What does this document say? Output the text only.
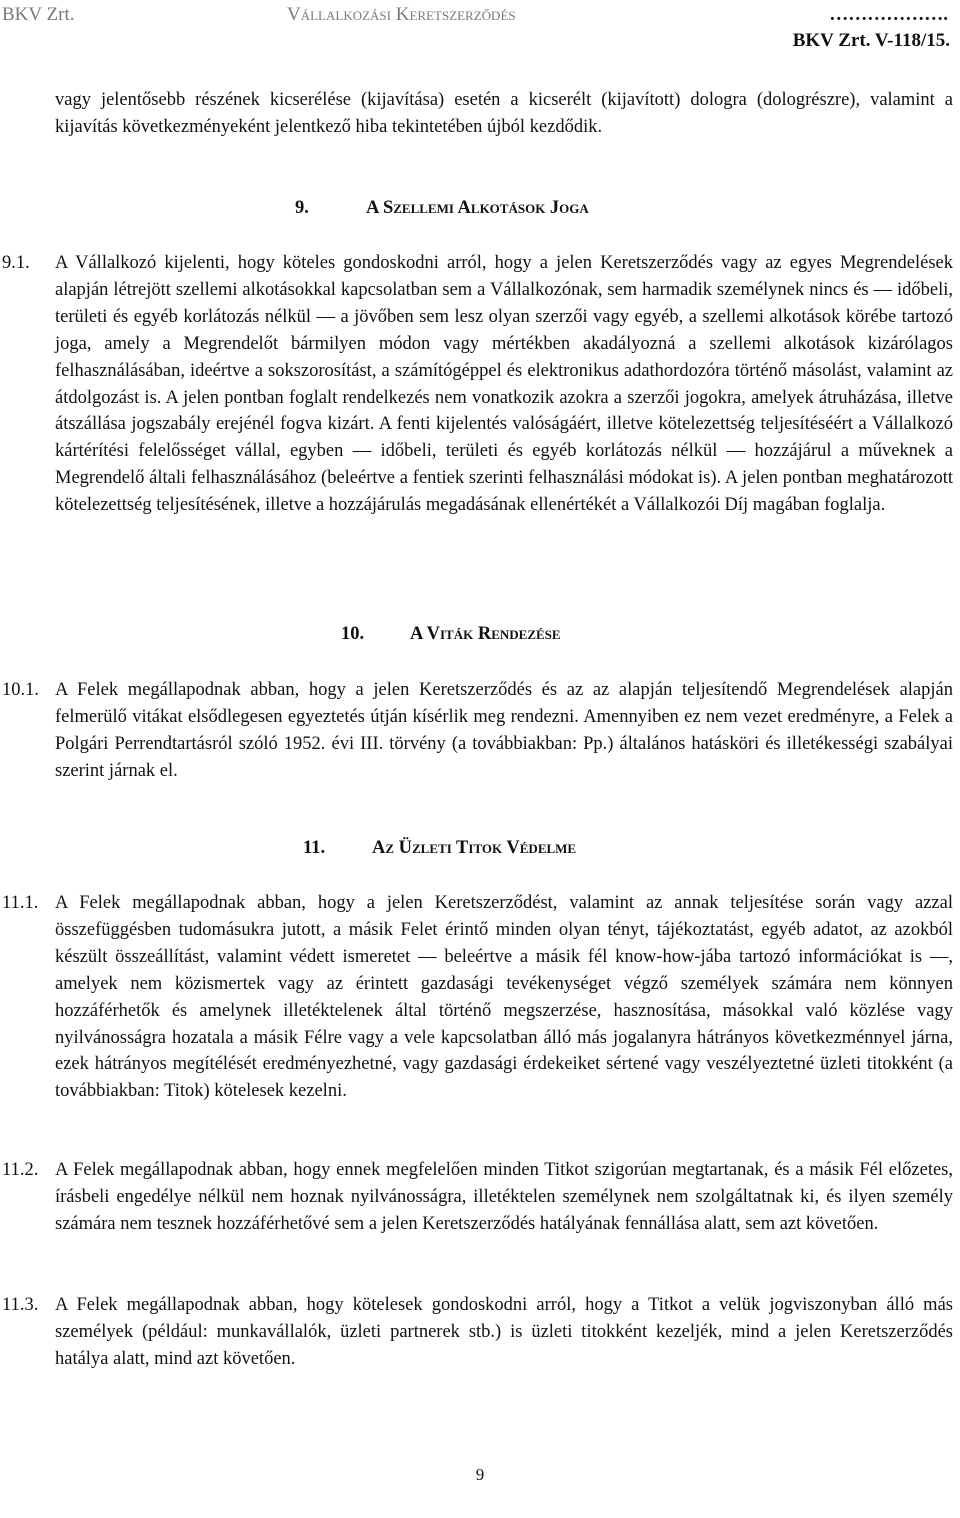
BKV Zrt.	Vállalkozási Keretszerződés	……………….
BKV Zrt. V-118/15.

vagy jelentősebb részének kicserélése (kijavítása) esetén a kicserélt (kijavított) dologra (dologrészre), valamint a kijavítás következményeként jelentkező hiba tekintetében újból kezdődik.

9.	A Szellemi Alkotások Joga
9.1. A Vállalkozó kijelenti, hogy köteles gondoskodni arról, hogy a jelen Keretszerződés vagy az egyes Megrendelések alapján létrejött szellemi alkotásokkal kapcsolatban sem a Vállalkozónak, sem harmadik személynek nincs és — időbeli, területi és egyéb korlátozás nélkül — a jövőben sem lesz olyan szerzői vagy egyéb, a szellemi alkotások körébe tartozó joga, amely a Megrendelőt bármilyen módon vagy mértékben akadályozná a szellemi alkotások kizárólagos felhasználásában, ideértve a sokszorosítást, a számítógéppel és elektronikus adathordozóra történő másolást, valamint az átdolgozást is. A jelen pontban foglalt rendelkezés nem vonatkozik azokra a szerzői jogokra, amelyek átruházása, illetve átszállása jogszabály erejénél fogva kizárt. A fenti kijelentés valóságáért, illetve kötelezettség teljesítéséért a Vállalkozó kártérítési felelősséget vállal, egyben — időbeli, területi és egyéb korlátozás nélkül — hozzájárul a műveknek a Megrendelő általi felhasználásához (beleértve a fentiek szerinti felhasználási módokat is). A jelen pontban meghatározott kötelezettség teljesítésének, illetve a hozzájárulás megadásának ellenértékét a Vállalkozói Díj magában foglalja.
10. A Viták Rendezése
10.1. A Felek megállapodnak abban, hogy a jelen Keretszerződés és az az alapján teljesítendő Megrendelések alapján felmerülő vitákat elsődlegesen egyeztetés útján kísérlik meg rendezni. Amennyiben ez nem vezet eredményre, a Felek a Polgári Perrendtartásról szóló 1952. évi III. törvény (a továbbiakban: Pp.) általános hatásköri és illetékességi szabályai szerint járnak el.
11.	Az Üzleti Titok Védelme
11.1. A Felek megállapodnak abban, hogy a jelen Keretszerződést, valamint az annak teljesítése során vagy azzal összefüggésben tudomásukra jutott, a másik Felet érintő minden olyan tényt, tájékoztatást, egyéb adatot, az azokból készült összeállítást, valamint védett ismeretet — beleértve a másik fél know-how-jába tartozó információkat is —, amelyek nem közismertek vagy az érintett gazdasági tevékenységet végző személyek számára nem könnyen hozzáférhetők és amelynek illetéktelenek által történő megszerzése, hasznosítása, másokkal való közlése vagy nyilvánosságra hozatala a másik Félre vagy a vele kapcsolatban álló más jogalanyra hátrányos következménnyel járna, ezek hátrányos megítélését eredményezhetné, vagy gazdasági érdekeiket sértené vagy veszélyeztetné üzleti titokként (a továbbiakban: Titok) kötelesek kezelni.
11.2. A Felek megállapodnak abban, hogy ennek megfelelően minden Titkot szigorúan megtartanak, és a másik Fél előzetes, írásbeli engedélye nélkül nem hoznak nyilvánosságra, illetéktelen személynek nem szolgáltatnak ki, és ilyen személy számára nem tesznek hozzáférhetővé sem a jelen Keretszerződés hatályának fennállása alatt, sem azt követően.
11.3. A Felek megállapodnak abban, hogy kötelesek gondoskodni arról, hogy a Titkot a velük jogviszonyban álló más személyek (például: munkavállalók, üzleti partnerek stb.) is üzleti titokként kezeljék, mind a jelen Keretszerződés hatálya alatt, mind azt követően.
9
